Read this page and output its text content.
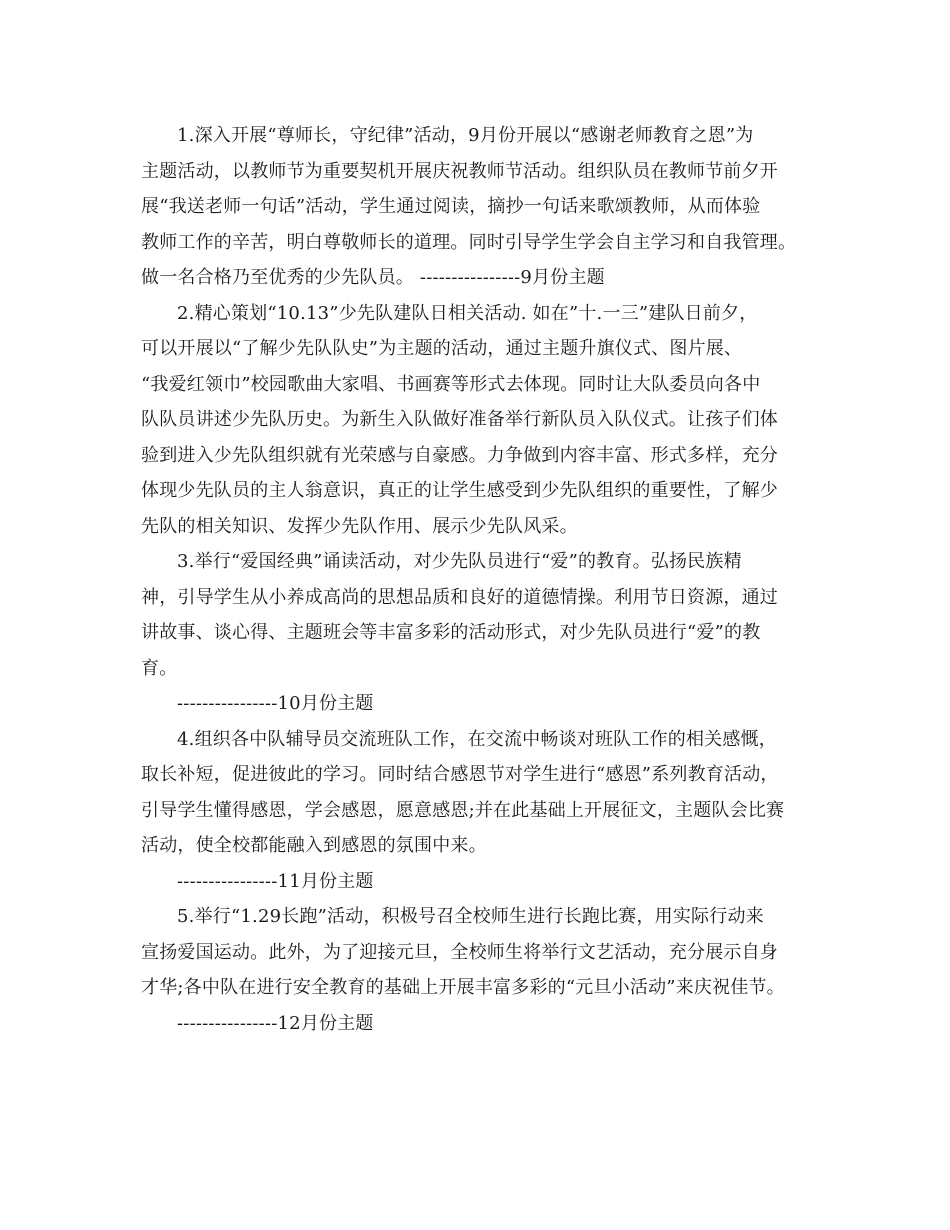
1.深入开展“尊师长，守纪律”活动，9月份开展以“感谢老师教育之恩”为
主题活动，以教师节为重要契机开展庆祝教师节活动。组织队员在教师节前夕开
展“我送老师一句话”活动，学生通过阅读，摘抄一句话来歌颂教师，从而体验
教师工作的辛苦，明白尊敬师长的道理。同时引导学生学会自主学习和自我管理。
做一名合格乃至优秀的少先队员。 ----------------9月份主题
2.精心策划“10.13”少先队建队日相关活动. 如在”十.一三”建队日前夕，
可以开展以“了解少先队队史”为主题的活动，通过主题升旗仪式、图片展、
“我爱红领巾”校园歌曲大家唱、书画赛等形式去体现。同时让大队委员向各中
队队员讲述少先队历史。为新生入队做好准备举行新队员入队仪式。让孩子们体
验到进入少先队组织就有光荣感与自豪感。力争做到内容丰富、形式多样，充分
体现少先队员的主人翁意识，真正的让学生感受到少先队组织的重要性，了解少
先队的相关知识、发挥少先队作用、展示少先队风采。
3.举行“爱国经典”诵读活动，对少先队员进行“爱”的教育。弘扬民族精
神，引导学生从小养成高尚的思想品质和良好的道德情操。利用节日资源，通过
讲故事、谈心得、主题班会等丰富多彩的活动形式，对少先队员进行“爱”的教
育。
----------------10月份主题
4.组织各中队辅导员交流班队工作，在交流中畅谈对班队工作的相关感慨，
取长补短，促进彼此的学习。同时结合感恩节对学生进行“感恩”系列教育活动，
引导学生懂得感恩，学会感恩，愿意感恩;并在此基础上开展征文，主题队会比赛
活动，使全校都能融入到感恩的氛围中来。
----------------11月份主题
5.举行“1.29长跑”活动，积极号召全校师生进行长跑比赛，用实际行动来
宣扬爱国运动。此外，为了迎接元旦，全校师生将举行文艺活动，充分展示自身
才华;各中队在进行安全教育的基础上开展丰富多彩的“元旦小活动”来庆祝佳节。
----------------12月份主题
